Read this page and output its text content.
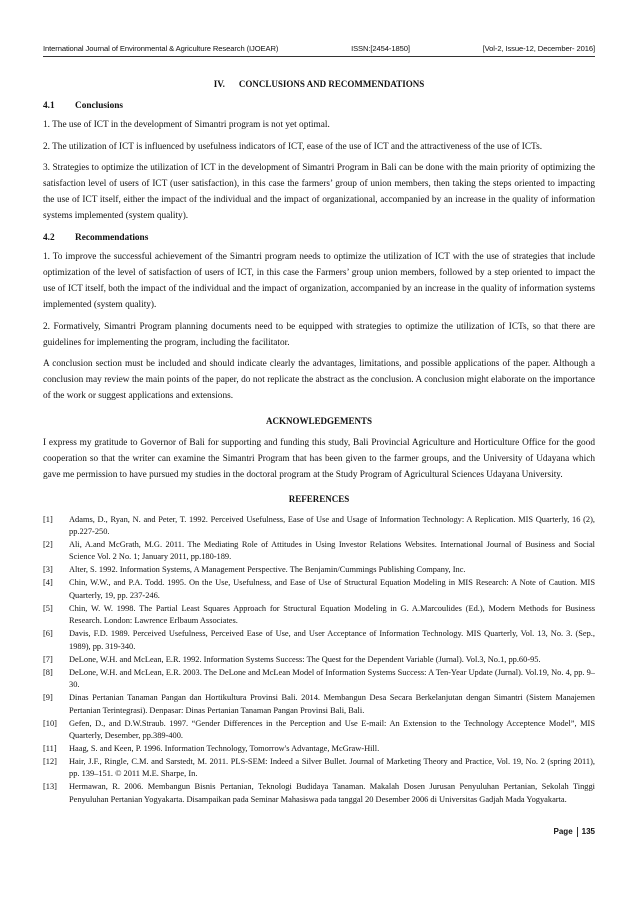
International Journal of Environmental & Agriculture Research (IJOEAR)	ISSN:[2454-1850]	[Vol-2, Issue-12, December- 2016]
IV. CONCLUSIONS AND RECOMMENDATIONS
4.1 Conclusions

1. The use of ICT in the development of Simantri program is not yet optimal.

2. The utilization of ICT is influenced by usefulness indicators of ICT, ease of the use of ICT and the attractiveness of the use of ICTs.

3. Strategies to optimize the utilization of ICT in the development of Simantri Program in Bali can be done with the main priority of optimizing the satisfaction level of users of ICT (user satisfaction), in this case the farmers’ group of union members, then taking the steps oriented to impacting the use of ICT itself, either the impact of the individual and the impact of organizational, accompanied by an increase in the quality of information systems implemented (system quality).

4.2 Recommendations

1. To improve the successful achievement of the Simantri program needs to optimize the utilization of ICT with the use of strategies that include optimization of the level of satisfaction of users of ICT, in this case the Farmers’ group union members, followed by a step oriented to impact the use of ICT itself, both the impact of the individual and the impact of organization, accompanied by an increase in the quality of information systems implemented (system quality).

2. Formatively, Simantri Program planning documents need to be equipped with strategies to optimize the utilization of ICTs, so that there are guidelines for implementing the program, including the facilitator.

A conclusion section must be included and should indicate clearly the advantages, limitations, and possible applications of the paper. Although a conclusion may review the main points of the paper, do not replicate the abstract as the conclusion. A conclusion might elaborate on the importance of the work or suggest applications and extensions.

ACKNOWLEDGEMENTS

I express my gratitude to Governor of Bali for supporting and funding this study, Bali Provincial Agriculture and Horticulture Office for the good cooperation so that the writer can examine the Simantri Program that has been given to the farmer groups, and the University of Udayana which gave me permission to have pursued my studies in the doctoral program at the Study Program of Agricultural Sciences Udayana University.

REFERENCES
[1]	Adams, D., Ryan, N. and Peter, T. 1992. Perceived Usefulness, Ease of Use and Usage of Information Technology: A Replication. MIS Quarterly, 16 (2), pp.227-250.
[2]	Ali, A.and McGrath, M.G. 2011. The Mediating Role of Attitudes in Using Investor Relations Websites. International Journal of Business and Social Science Vol. 2 No. 1; January 2011, pp.180-189.
[3]	Alter, S. 1992. Information Systems, A Management Perspective. The Benjamin/Cummings Publishing Company, Inc.
[4]	Chin, W.W., and P.A. Todd. 1995. On the Use, Usefulness, and Ease of Use of Structural Equation Modeling in MIS Research: A Note of Caution. MIS Quarterly, 19, pp. 237-246.
[5]	Chin, W. W. 1998. The Partial Least Squares Approach for Structural Equation Modeling in G. A.Marcoulides (Ed.), Modern Methods for Business Research. London: Lawrence Erlbaum Associates.
[6]	Davis, F.D. 1989. Perceived Usefulness, Perceived Ease of Use, and User Acceptance of Information Technology. MIS Quarterly, Vol. 13, No. 3. (Sep., 1989), pp. 319-340.
[7]	DeLone, W.H. and McLean, E.R. 1992. Information Systems Success: The Quest for the Dependent Variable (Jurnal). Vol.3, No.1, pp.60-95.
[8]	DeLone, W.H. and McLean, E.R. 2003. The DeLone and McLean Model of Information Systems Success: A Ten-Year Update (Jurnal). Vol.19, No. 4, pp. 9–30.
[9]	Dinas Pertanian Tanaman Pangan dan Hortikultura Provinsi Bali. 2014. Membangun Desa Secara Berkelanjutan dengan Simantri (Sistem Manajemen Pertanian Terintegrasi). Denpasar: Dinas Pertanian Tanaman Pangan Provinsi Bali, Bali.
[10]	Gefen, D., and D.W.Straub. 1997. “Gender Differences in the Perception and Use E-mail: An Extension to the Technology Acceptence Model”, MIS Quarterly, Desember, pp.389-400.
[11]	Haag, S. and Keen, P. 1996. Information Technology, Tomorrow's Advantage, McGraw-Hill.
[12]	Hair, J.F., Ringle, C.M. and Sarstedt, M. 2011. PLS-SEM: Indeed a Silver Bullet. Journal of Marketing Theory and Practice, Vol. 19, No. 2 (spring 2011), pp. 139–151. © 2011 M.E. Sharpe, In.
[13]	Hermawan, R. 2006. Membangun Bisnis Pertanian, Teknologi Budidaya Tanaman. Makalah Dosen Jurusan Penyuluhan Pertanian, Sekolah Tinggi Penyuluhan Pertanian Yogyakarta. Disampaikan pada Seminar Mahasiswa pada tanggal 20 Desember 2006 di Universitas Gadjah Mada Yogyakarta.
Page 135
